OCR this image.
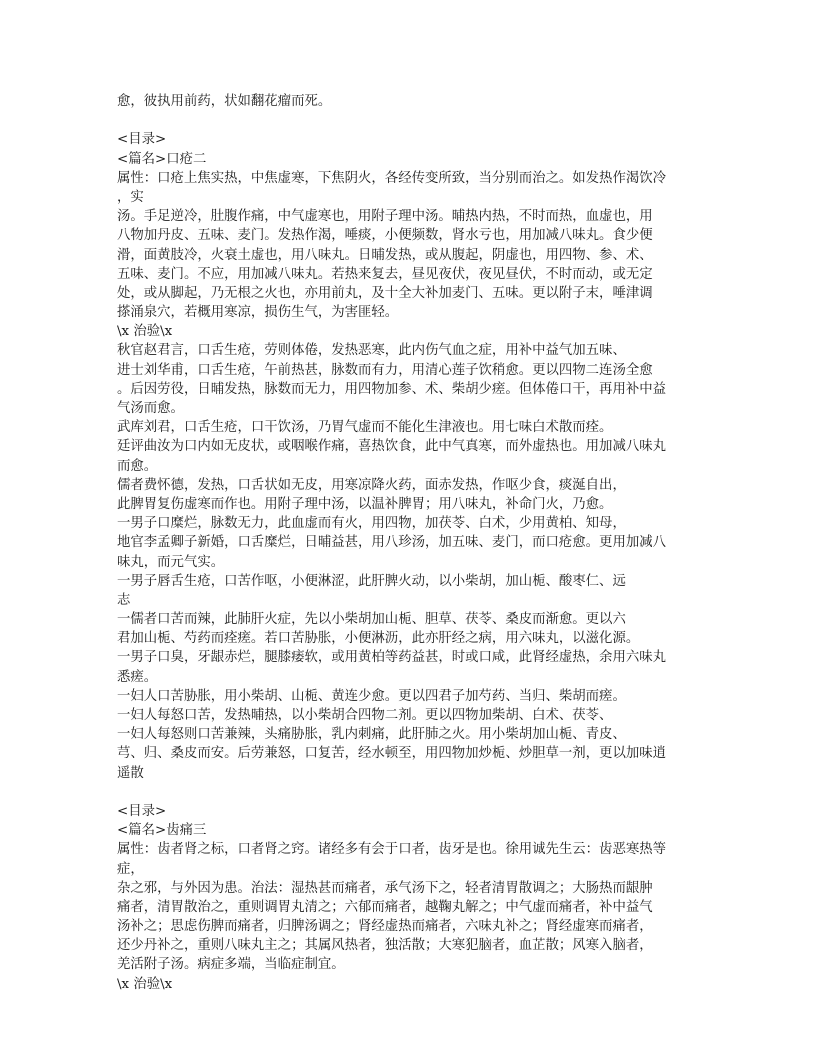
愈，彼执用前药，状如翻花瘤而死。
<目录>
<篇名>口疮二
属性：口疮上焦实热，中焦虚寒，下焦阴火，各经传变所致，当分别而治之。如发热作渴饮冷
，实
汤。手足逆冷，肚腹作痛，中气虚寒也，用附子理中汤。晡热内热，不时而热，血虚也，用
八物加丹皮、五味、麦门。发热作渴，唾痰，小便频数，肾水亏也，用加减八味丸。食少便
滑，面黄肢冷，火衰土虚也，用八味丸。日晡发热，或从腹起，阴虚也，用四物、参、术、
五味、麦门。不应，用加减八味丸。若热来复去，昼见夜伏，夜见昼伏，不时而动，或无定
处，或从脚起，乃无根之火也，亦用前丸，及十全大补加麦门、五味。更以附子末，唾津调
搽涌泉穴，若概用寒凉，损伤生气，为害匪轻。
\x 治验\x
秋官赵君言，口舌生疮，劳则体倦，发热恶寒，此内伤气血之症，用补中益气加五味、
进士刘华甫，口舌生疮，午前热甚，脉数而有力，用清心莲子饮稍愈。更以四物二连汤全愈
。后因劳役，日晡发热，脉数而无力，用四物加参、术、柴胡少瘥。但体倦口干，再用补中益
气汤而愈。
武库刘君，口舌生疮，口干饮汤，乃胃气虚而不能化生津液也。用七味白术散而痊。
廷评曲汝为口内如无皮状，或咽喉作痛，喜热饮食，此中气真寒，而外虚热也。用加减八味丸
而愈。
儒者费怀德，发热，口舌状如无皮，用寒凉降火药，面赤发热，作呕少食，痰涎自出，
此脾胃复伤虚寒而作也。用附子理中汤，以温补脾胃；用八味丸，补命门火，乃愈。
一男子口糜烂，脉数无力，此血虚而有火，用四物，加茯苓、白术，少用黄柏、知母，
地官李孟卿子新婚，口舌糜烂，日晡益甚，用八珍汤，加五味、麦门，而口疮愈。更用加减八
味丸，而元气实。
一男子唇舌生疮，口苦作呕，小便淋涩，此肝脾火动，以小柴胡，加山栀、酸枣仁、远
志
一儒者口苦而辣，此肺肝火症，先以小柴胡加山栀、胆草、茯苓、桑皮而渐愈。更以六
君加山栀、芍药而痊瘥。若口苦胁胀，小便淋沥，此亦肝经之病，用六味丸，以滋化源。
一男子口臭，牙龈赤烂，腿膝痿软，或用黄柏等药益甚，时或口咸，此肾经虚热，余用六味丸
悉瘥。
一妇人口苦胁胀，用小柴胡、山栀、黄连少愈。更以四君子加芍药、当归、柴胡而瘥。
一妇人每怒口苦，发热晡热，以小柴胡合四物二剂。更以四物加柴胡、白术、茯苓、
一妇人每怒则口苦兼辣，头痛胁胀，乳内刺痛，此肝肺之火。用小柴胡加山栀、青皮、
芎、归、桑皮而安。后劳兼怒，口复苦，经水顿至，用四物加炒栀、炒胆草一剂，更以加味逍
遥散
<目录>
<篇名>齿痛三
属性：齿者肾之标，口者肾之窍。诸经多有会于口者，齿牙是也。徐用诚先生云：齿恶寒热等
症，
杂之邪，与外因为患。治法：湿热甚而痛者，承气汤下之，轻者清胃散调之；大肠热而龈肿
痛者，清胃散治之，重则调胃丸清之；六郁而痛者，越鞠丸解之；中气虚而痛者，补中益气
汤补之；思虑伤脾而痛者，归脾汤调之；肾经虚热而痛者，六味丸补之；肾经虚寒而痛者，
还少丹补之，重则八味丸主之；其属风热者，独活散；大寒犯脑者，血芷散；风寒入脑者，
羌活附子汤。病症多端，当临症制宜。
\x 治验\x
